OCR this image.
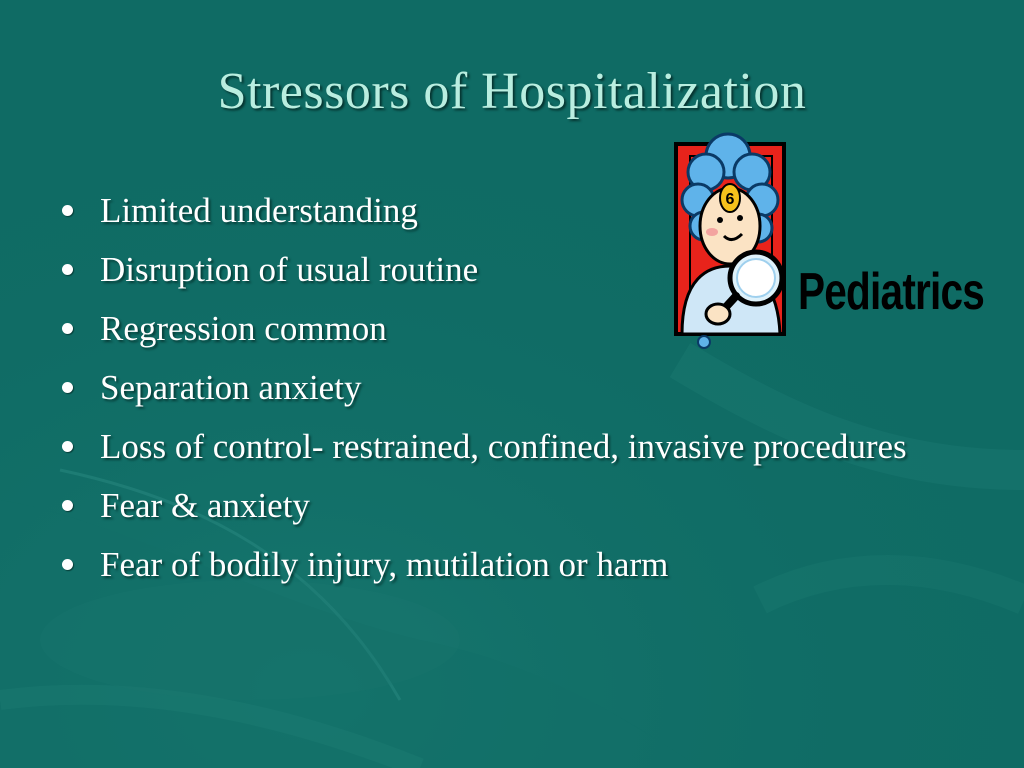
Stressors of Hospitalization
Limited understanding
Disruption of usual routine
Regression common
Separation anxiety
Loss of control- restrained, confined, invasive procedures
Fear & anxiety
Fear of bodily injury, mutilation or harm
6
Pediatrics
